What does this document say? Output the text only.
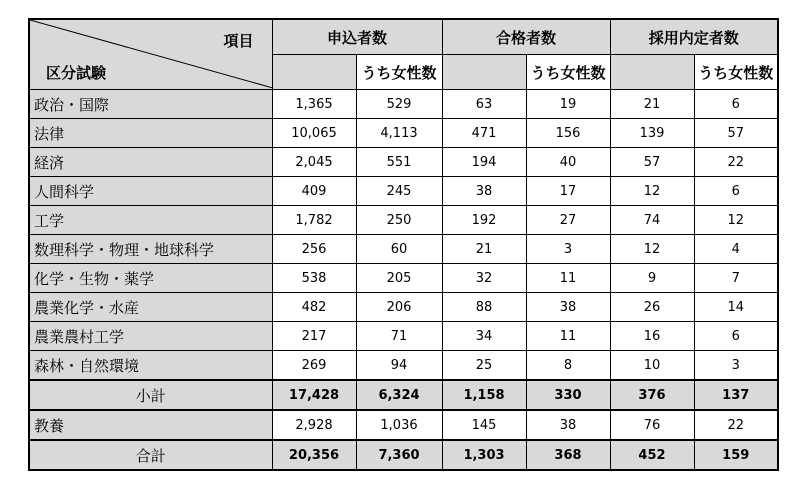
項目
区分試験	申込者数		合格者数		採用内定者数	
		うち女性数		うち女性数		うち女性数
政治・国際	1,365	529	63	19	21	6
法律	10,065	4,113	471	156	139	57
経済	2,045	551	194	40	57	22
人間科学	409	245	38	17	12	6
工学	1,782	250	192	27	74	12
数理科学・物理・地球科学	256	60	21	3	12	4
化学・生物・薬学	538	205	32	11	9	7
農業化学・水産	482	206	88	38	26	14
農業農村工学	217	71	34	11	16	6
森林・自然環境	269	94	25	8	10	3
小計	17,428	6,324	1,158	330	376	137
教養	2,928	1,036	145	38	76	22
合計	20,356	7,360	1,303	368	452	159
